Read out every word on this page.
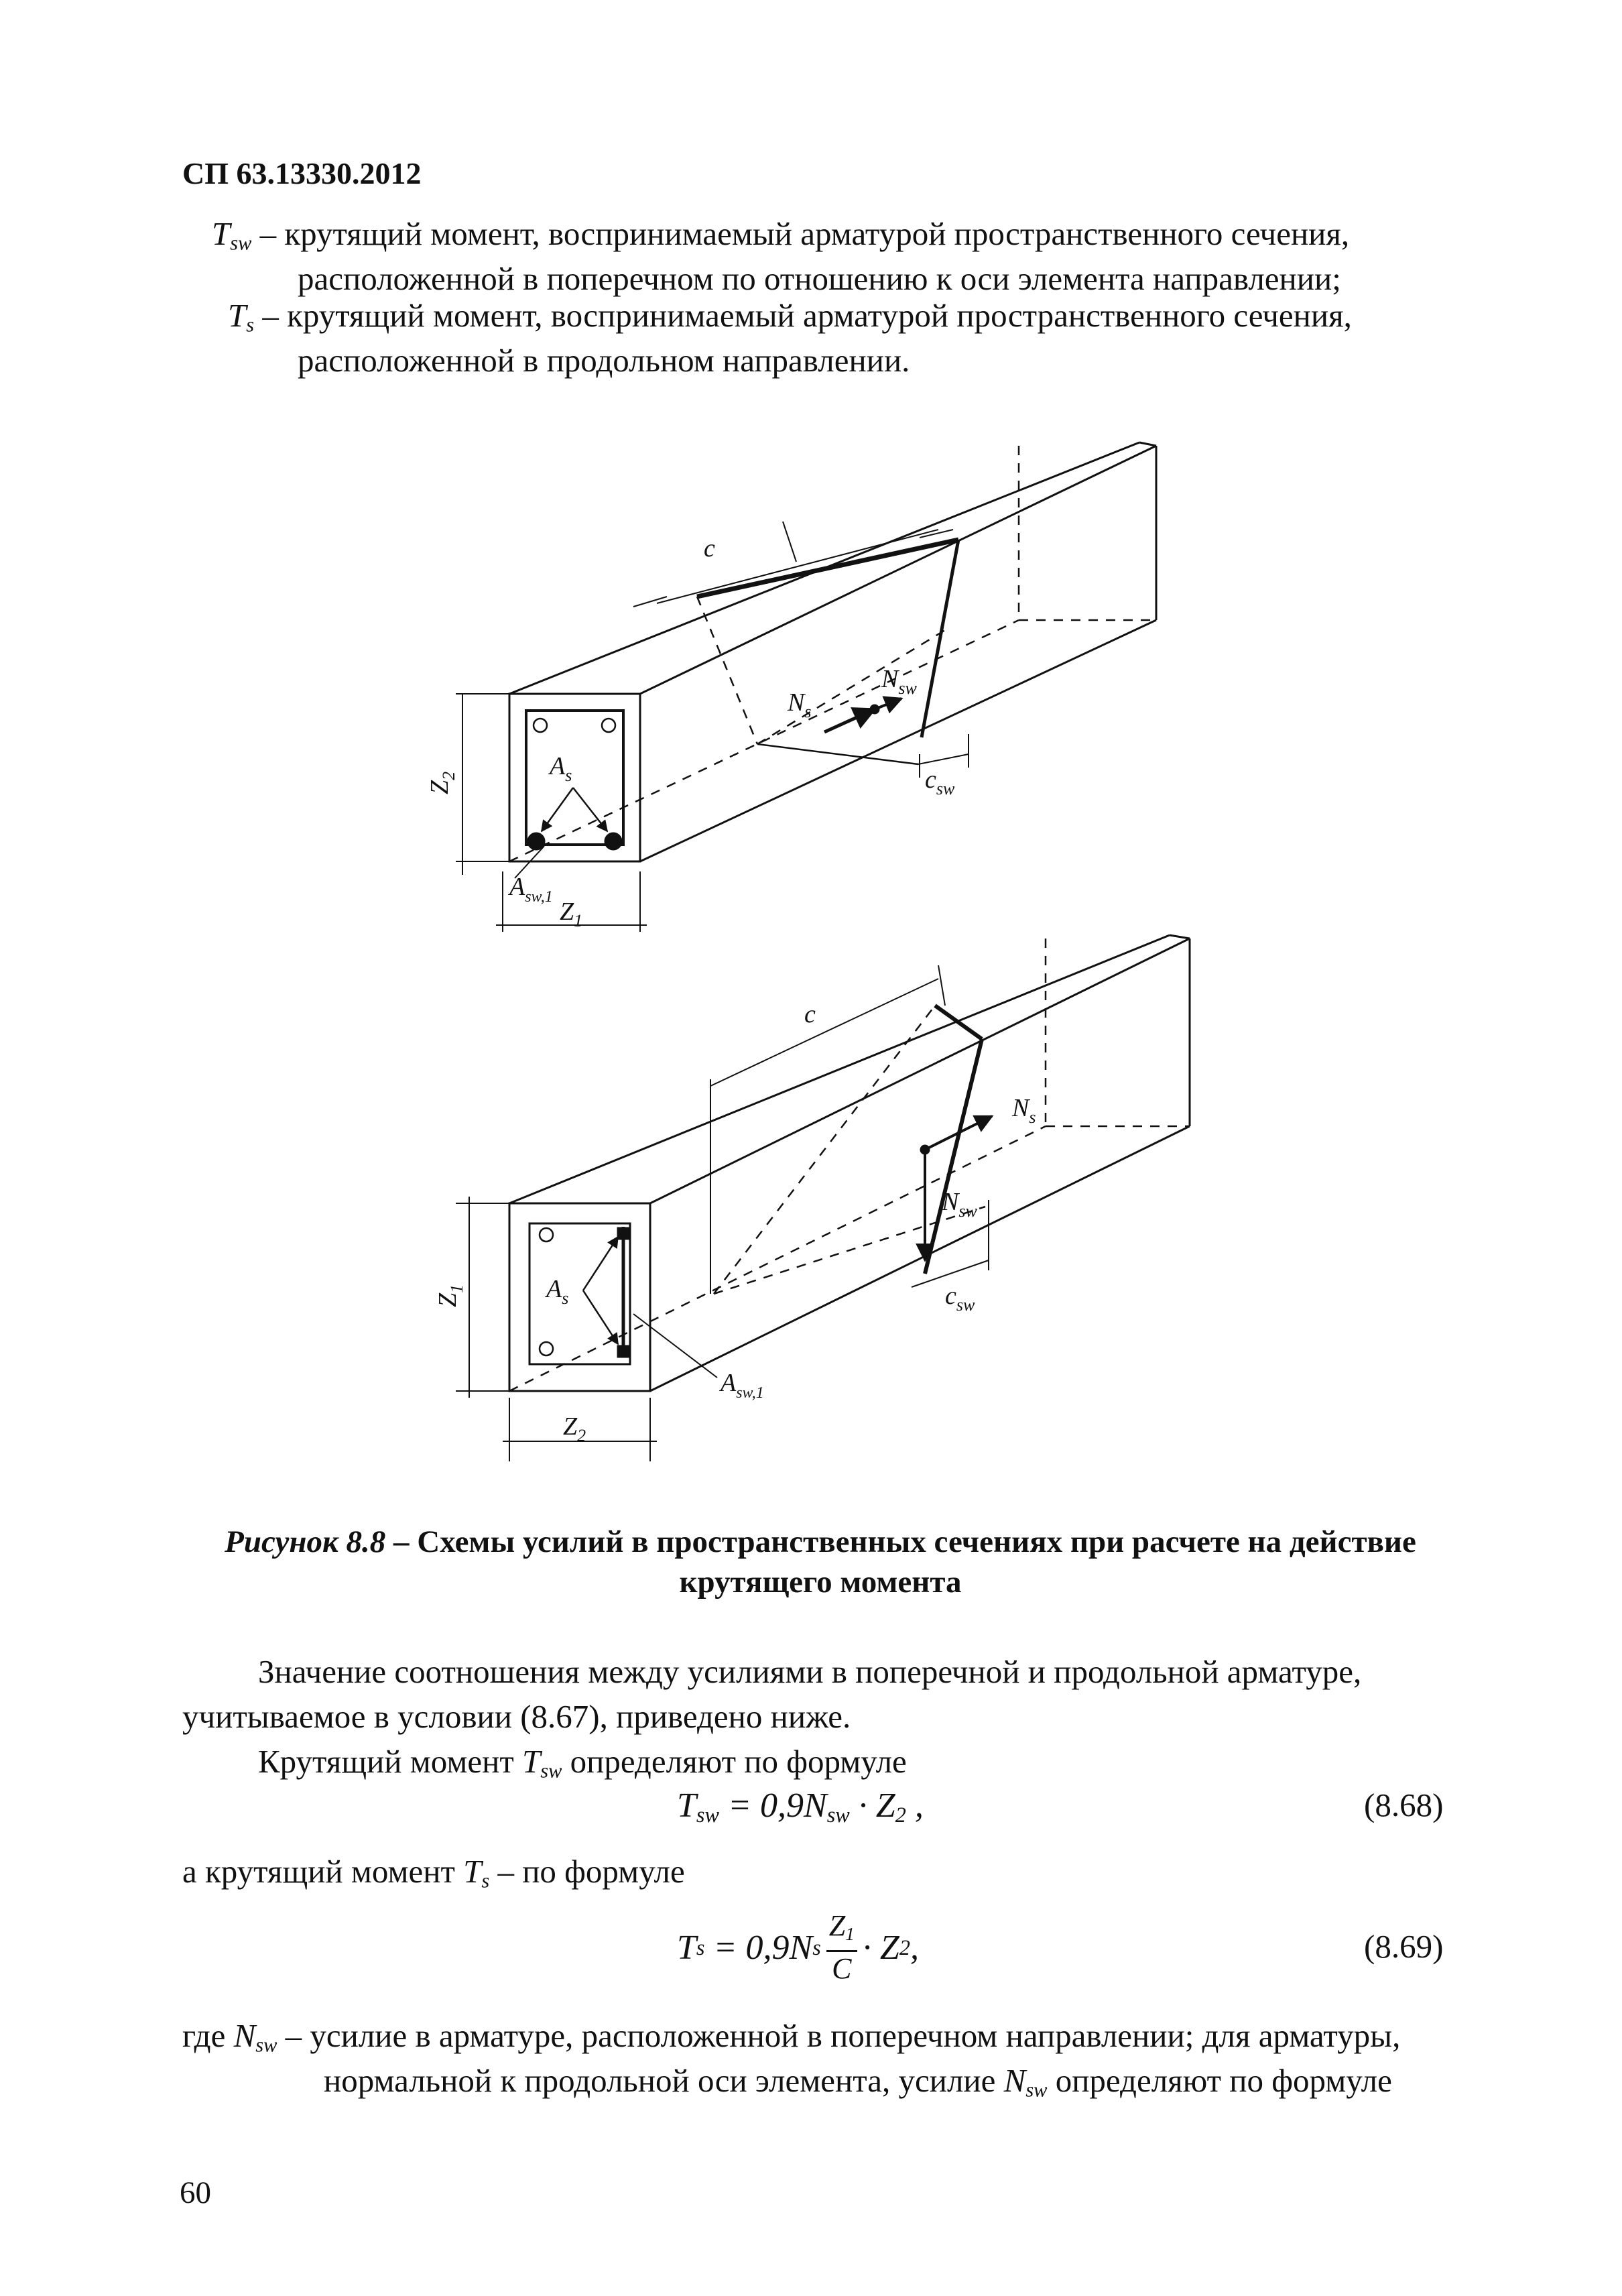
СП 63.13330.2012
$T_{sw}$ – крутящий момент, воспринимаемый арматурой пространственного сечения,
расположенной в поперечном по отношению к оси элемента направлении;
$T_s$ – крутящий момент, воспринимаемый арматурой пространственного сечения,
расположенной в продольном направлении.
c
$N_s$
$N_{sw}$
$c_{sw}$
$A_s$
$A_{sw,1}$
$Z_2$
$Z_1$
c
$N_s$
$N_{sw}$
$c_{sw}$
$A_s$
$A_{sw,1}$
$Z_1$
$Z_2$
Рисунок 8.8 – Схемы усилий в пространственных сечениях при расчете на действие
крутящего момента
Значение соотношения между усилиями в поперечной и продольной арматуре,
учитываемое в условии (8.67), приведено ниже.
Крутящий момент $T_{sw}$ определяют по формуле
$T_{sw} = 0,9N_{sw} \cdot Z_2$ ,	(8.68)
а крутящий момент $T_s$ – по формуле
T s = 0,9N s
$Z_1$
C
· Z 2 ,	(8.69)
где $N_{sw}$ – усилие в арматуре, расположенной в поперечном направлении; для арматуры,
нормальной к продольной оси элемента, усилие $N_{sw}$ определяют по формуле
60
